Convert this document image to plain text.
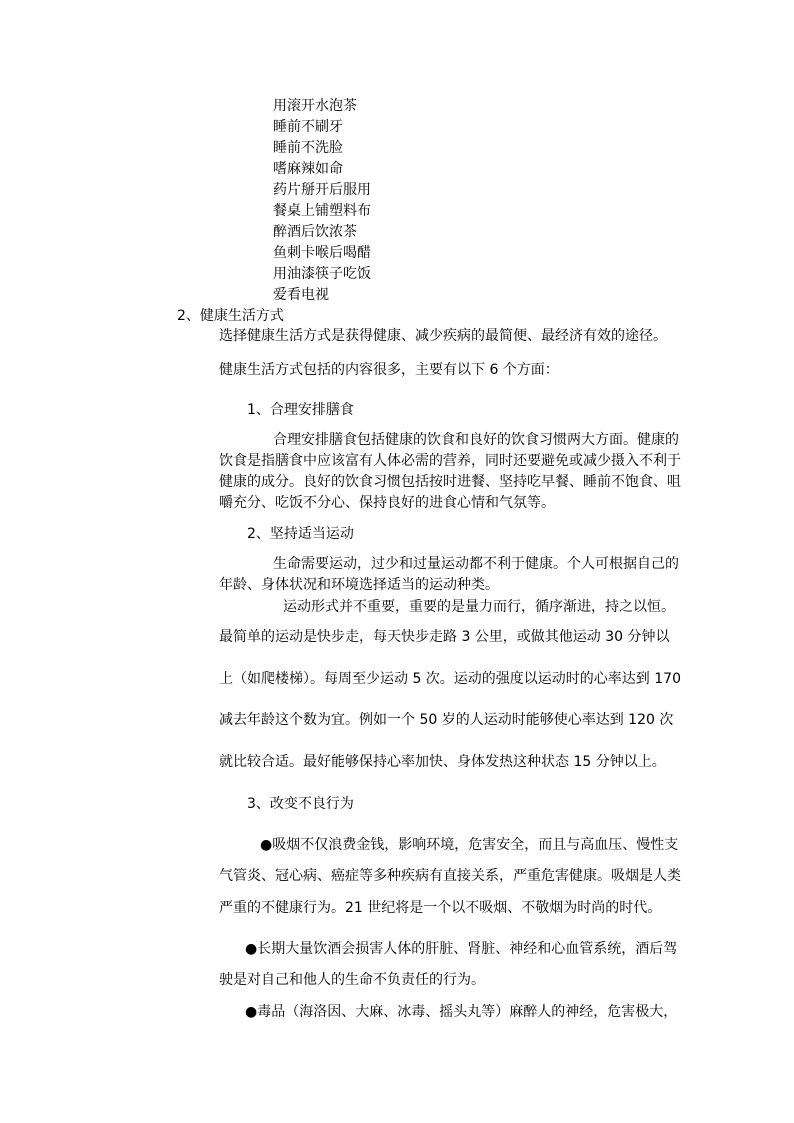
用滚开水泡茶
睡前不刷牙
睡前不洗脸
嗜麻辣如命
药片掰开后服用
餐桌上铺塑料布
醉酒后饮浓茶
鱼刺卡喉后喝醋
用油漆筷子吃饭
爱看电视
2、健康生活方式
选择健康生活方式是获得健康、减少疾病的最简便、最经济有效的途径。
健康生活方式包括的内容很多，主要有以下 6 个方面：
1、合理安排膳食
合理安排膳食包括健康的饮食和良好的饮食习惯两大方面。健康的
饮食是指膳食中应该富有人体必需的营养，同时还要避免或减少摄入不利于
健康的成分。良好的饮食习惯包括按时进餐、坚持吃早餐、睡前不饱食、咀
嚼充分、吃饭不分心、保持良好的进食心情和气氛等。
2、坚持适当运动
生命需要运动，过少和过量运动都不利于健康。个人可根据自己的
年龄、身体状况和环境选择适当的运动种类。
运动形式并不重要，重要的是量力而行，循序渐进，持之以恒。
最简单的运动是快步走，每天快步走路 3 公里，或做其他运动 30 分钟以
上（如爬楼梯）。每周至少运动 5 次。运动的强度以运动时的心率达到 170
减去年龄这个数为宜。例如一个 50 岁的人运动时能够使心率达到 120 次
就比较合适。最好能够保持心率加快、身体发热这种状态 15 分钟以上。
3、改变不良行为
●吸烟不仅浪费金钱，影响环境，危害安全，而且与高血压、慢性支
气管炎、冠心病、癌症等多种疾病有直接关系，严重危害健康。吸烟是人类
严重的不健康行为。21 世纪将是一个以不吸烟、不敬烟为时尚的时代。
●长期大量饮酒会损害人体的肝脏、肾脏、神经和心血管系统，酒后驾
驶是对自己和他人的生命不负责任的行为。
●毒品（海洛因、大麻、冰毒、摇头丸等）麻醉人的神经，危害极大，
